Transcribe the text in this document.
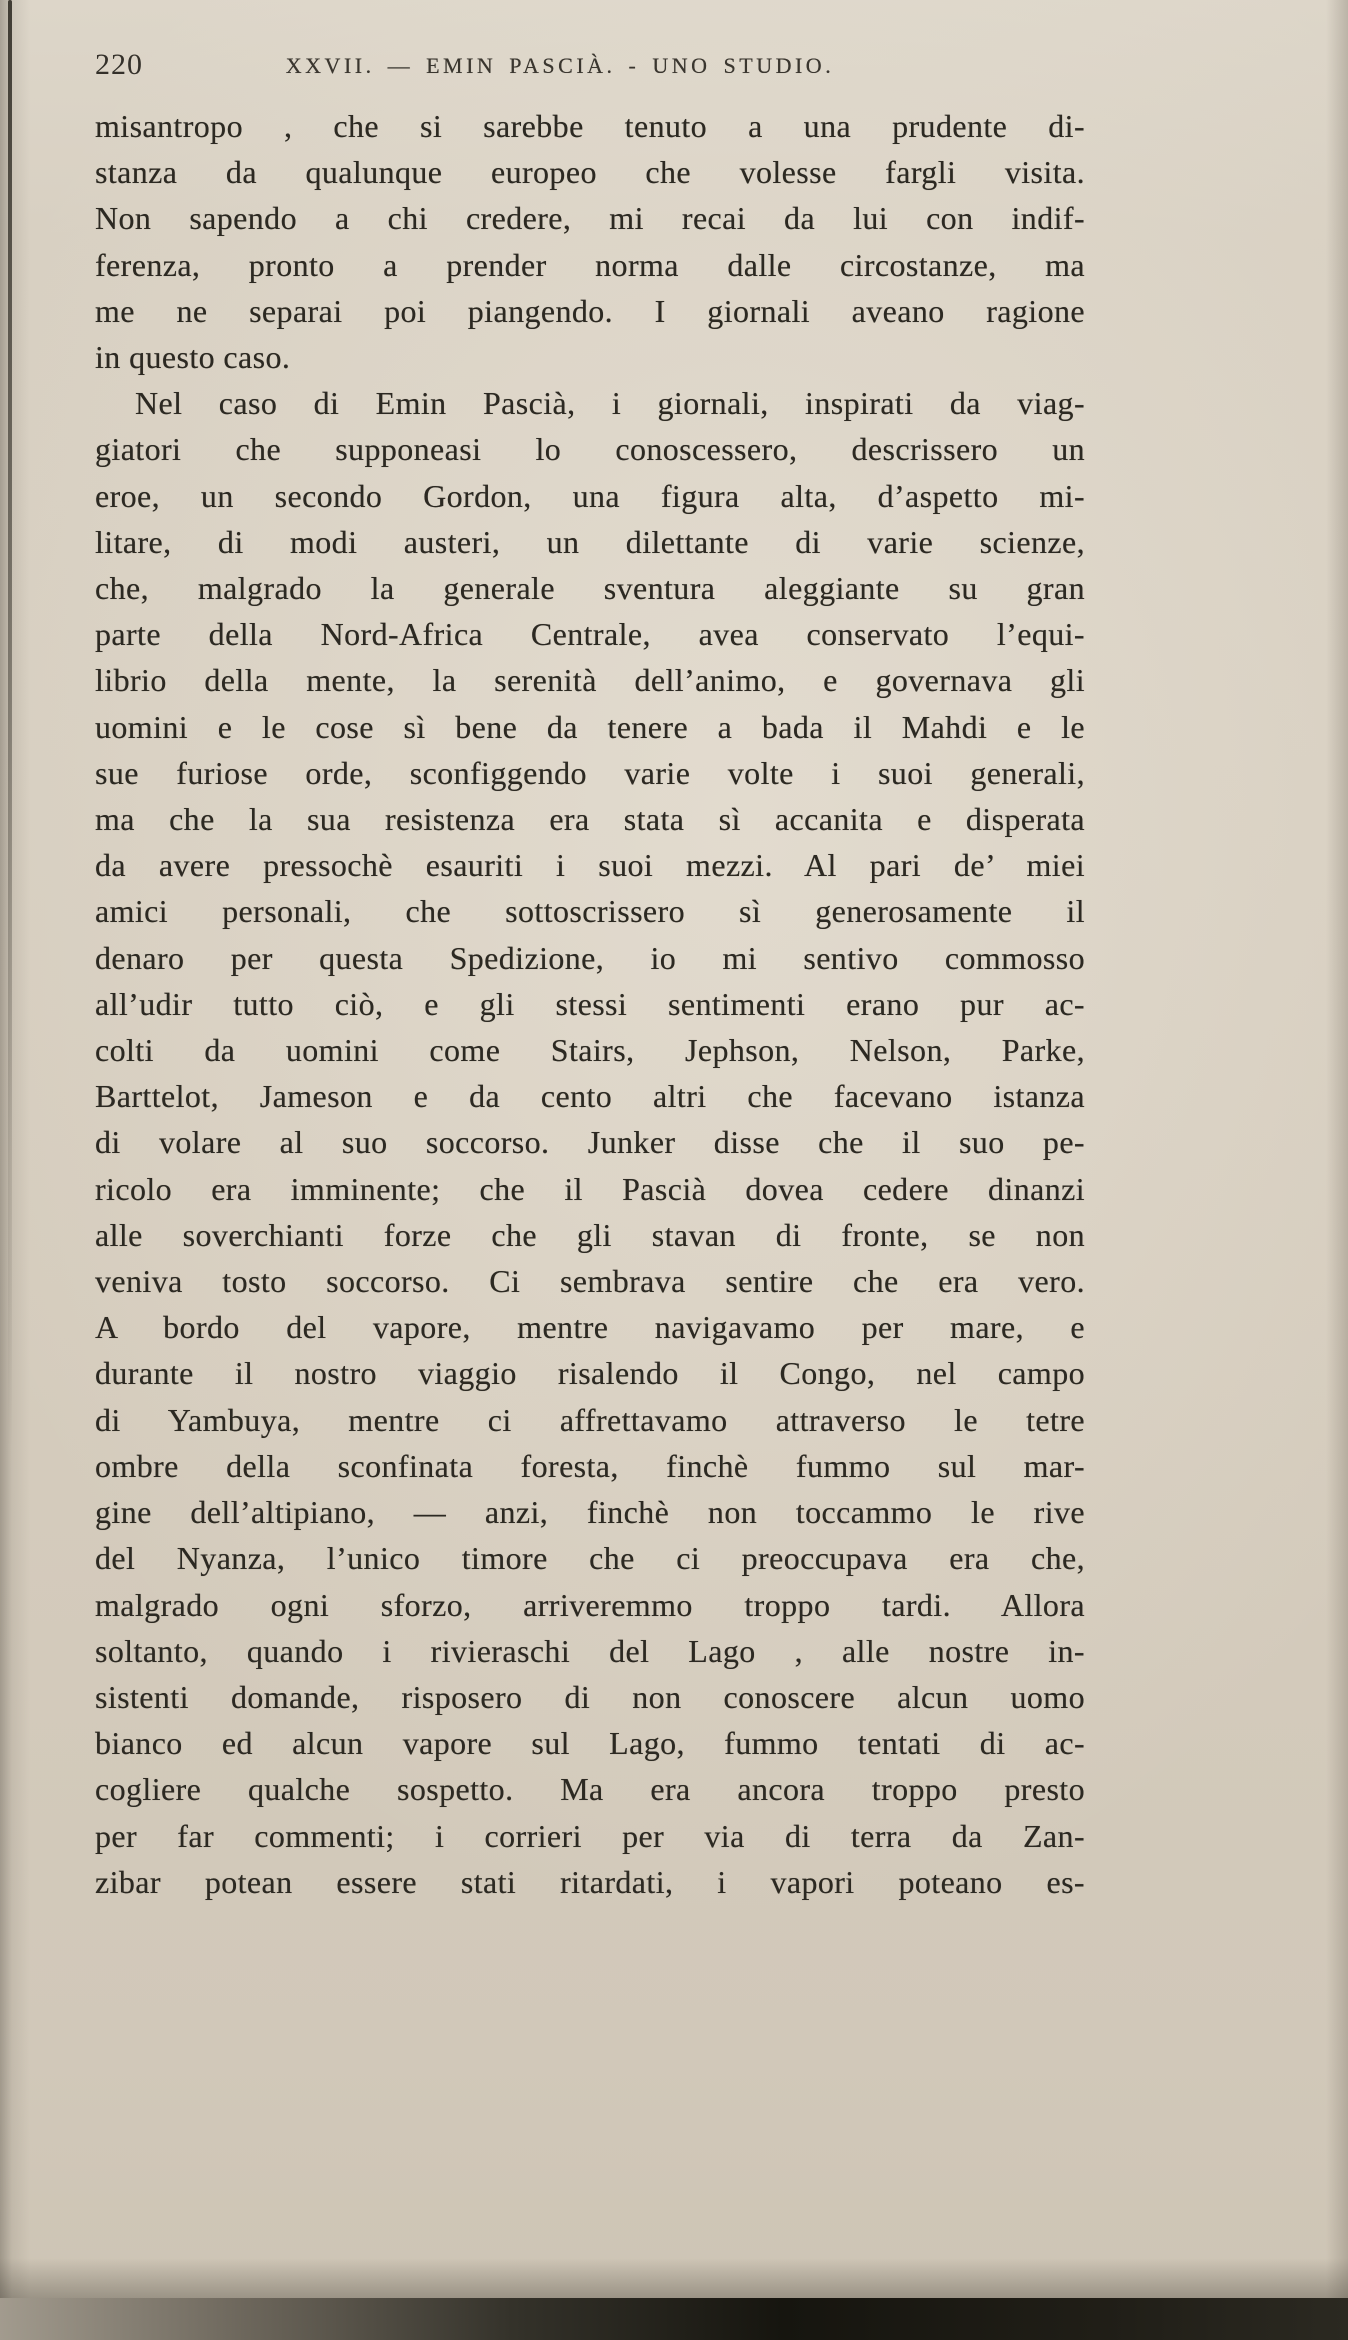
220	XXVII. — EMIN PASCIÀ. - UNO STUDIO.
misantropo , che si sarebbe tenuto a una prudente di-
stanza da qualunque europeo che volesse fargli visita.
Non sapendo a chi credere, mi recai da lui con indif-
ferenza, pronto a prender norma dalle circostanze, ma
me ne separai poi piangendo. I giornali aveano ragione
in questo caso.
Nel caso di Emin Pascià, i giornali, inspirati da viag-
giatori che supponeasi lo conoscessero, descrissero un
eroe, un secondo Gordon, una figura alta, d’aspetto mi-
litare, di modi austeri, un dilettante di varie scienze,
che, malgrado la generale sventura aleggiante su gran
parte della Nord-Africa Centrale, avea conservato l’equi-
librio della mente, la serenità dell’animo, e governava gli
uomini e le cose sì bene da tenere a bada il Mahdi e le
sue furiose orde, sconfiggendo varie volte i suoi generali,
ma che la sua resistenza era stata sì accanita e disperata
da avere pressochè esauriti i suoi mezzi. Al pari de’ miei
amici personali, che sottoscrissero sì generosamente il
denaro per questa Spedizione, io mi sentivo commosso
all’udir tutto ciò, e gli stessi sentimenti erano pur ac-
colti da uomini come Stairs, Jephson, Nelson, Parke,
Barttelot, Jameson e da cento altri che facevano istanza
di volare al suo soccorso. Junker disse che il suo pe-
ricolo era imminente; che il Pascià dovea cedere dinanzi
alle soverchianti forze che gli stavan di fronte, se non
veniva tosto soccorso. Ci sembrava sentire che era vero.
A bordo del vapore, mentre navigavamo per mare, e
durante il nostro viaggio risalendo il Congo, nel campo
di Yambuya, mentre ci affrettavamo attraverso le tetre
ombre della sconfinata foresta, finchè fummo sul mar-
gine dell’altipiano, — anzi, finchè non toccammo le rive
del Nyanza, l’unico timore che ci preoccupava era che,
malgrado ogni sforzo, arriveremmo troppo tardi. Allora
soltanto, quando i rivieraschi del Lago , alle nostre in-
sistenti domande, risposero di non conoscere alcun uomo
bianco ed alcun vapore sul Lago, fummo tentati di ac-
cogliere qualche sospetto. Ma era ancora troppo presto
per far commenti; i corrieri per via di terra da Zan-
zibar potean essere stati ritardati, i vapori poteano es-
